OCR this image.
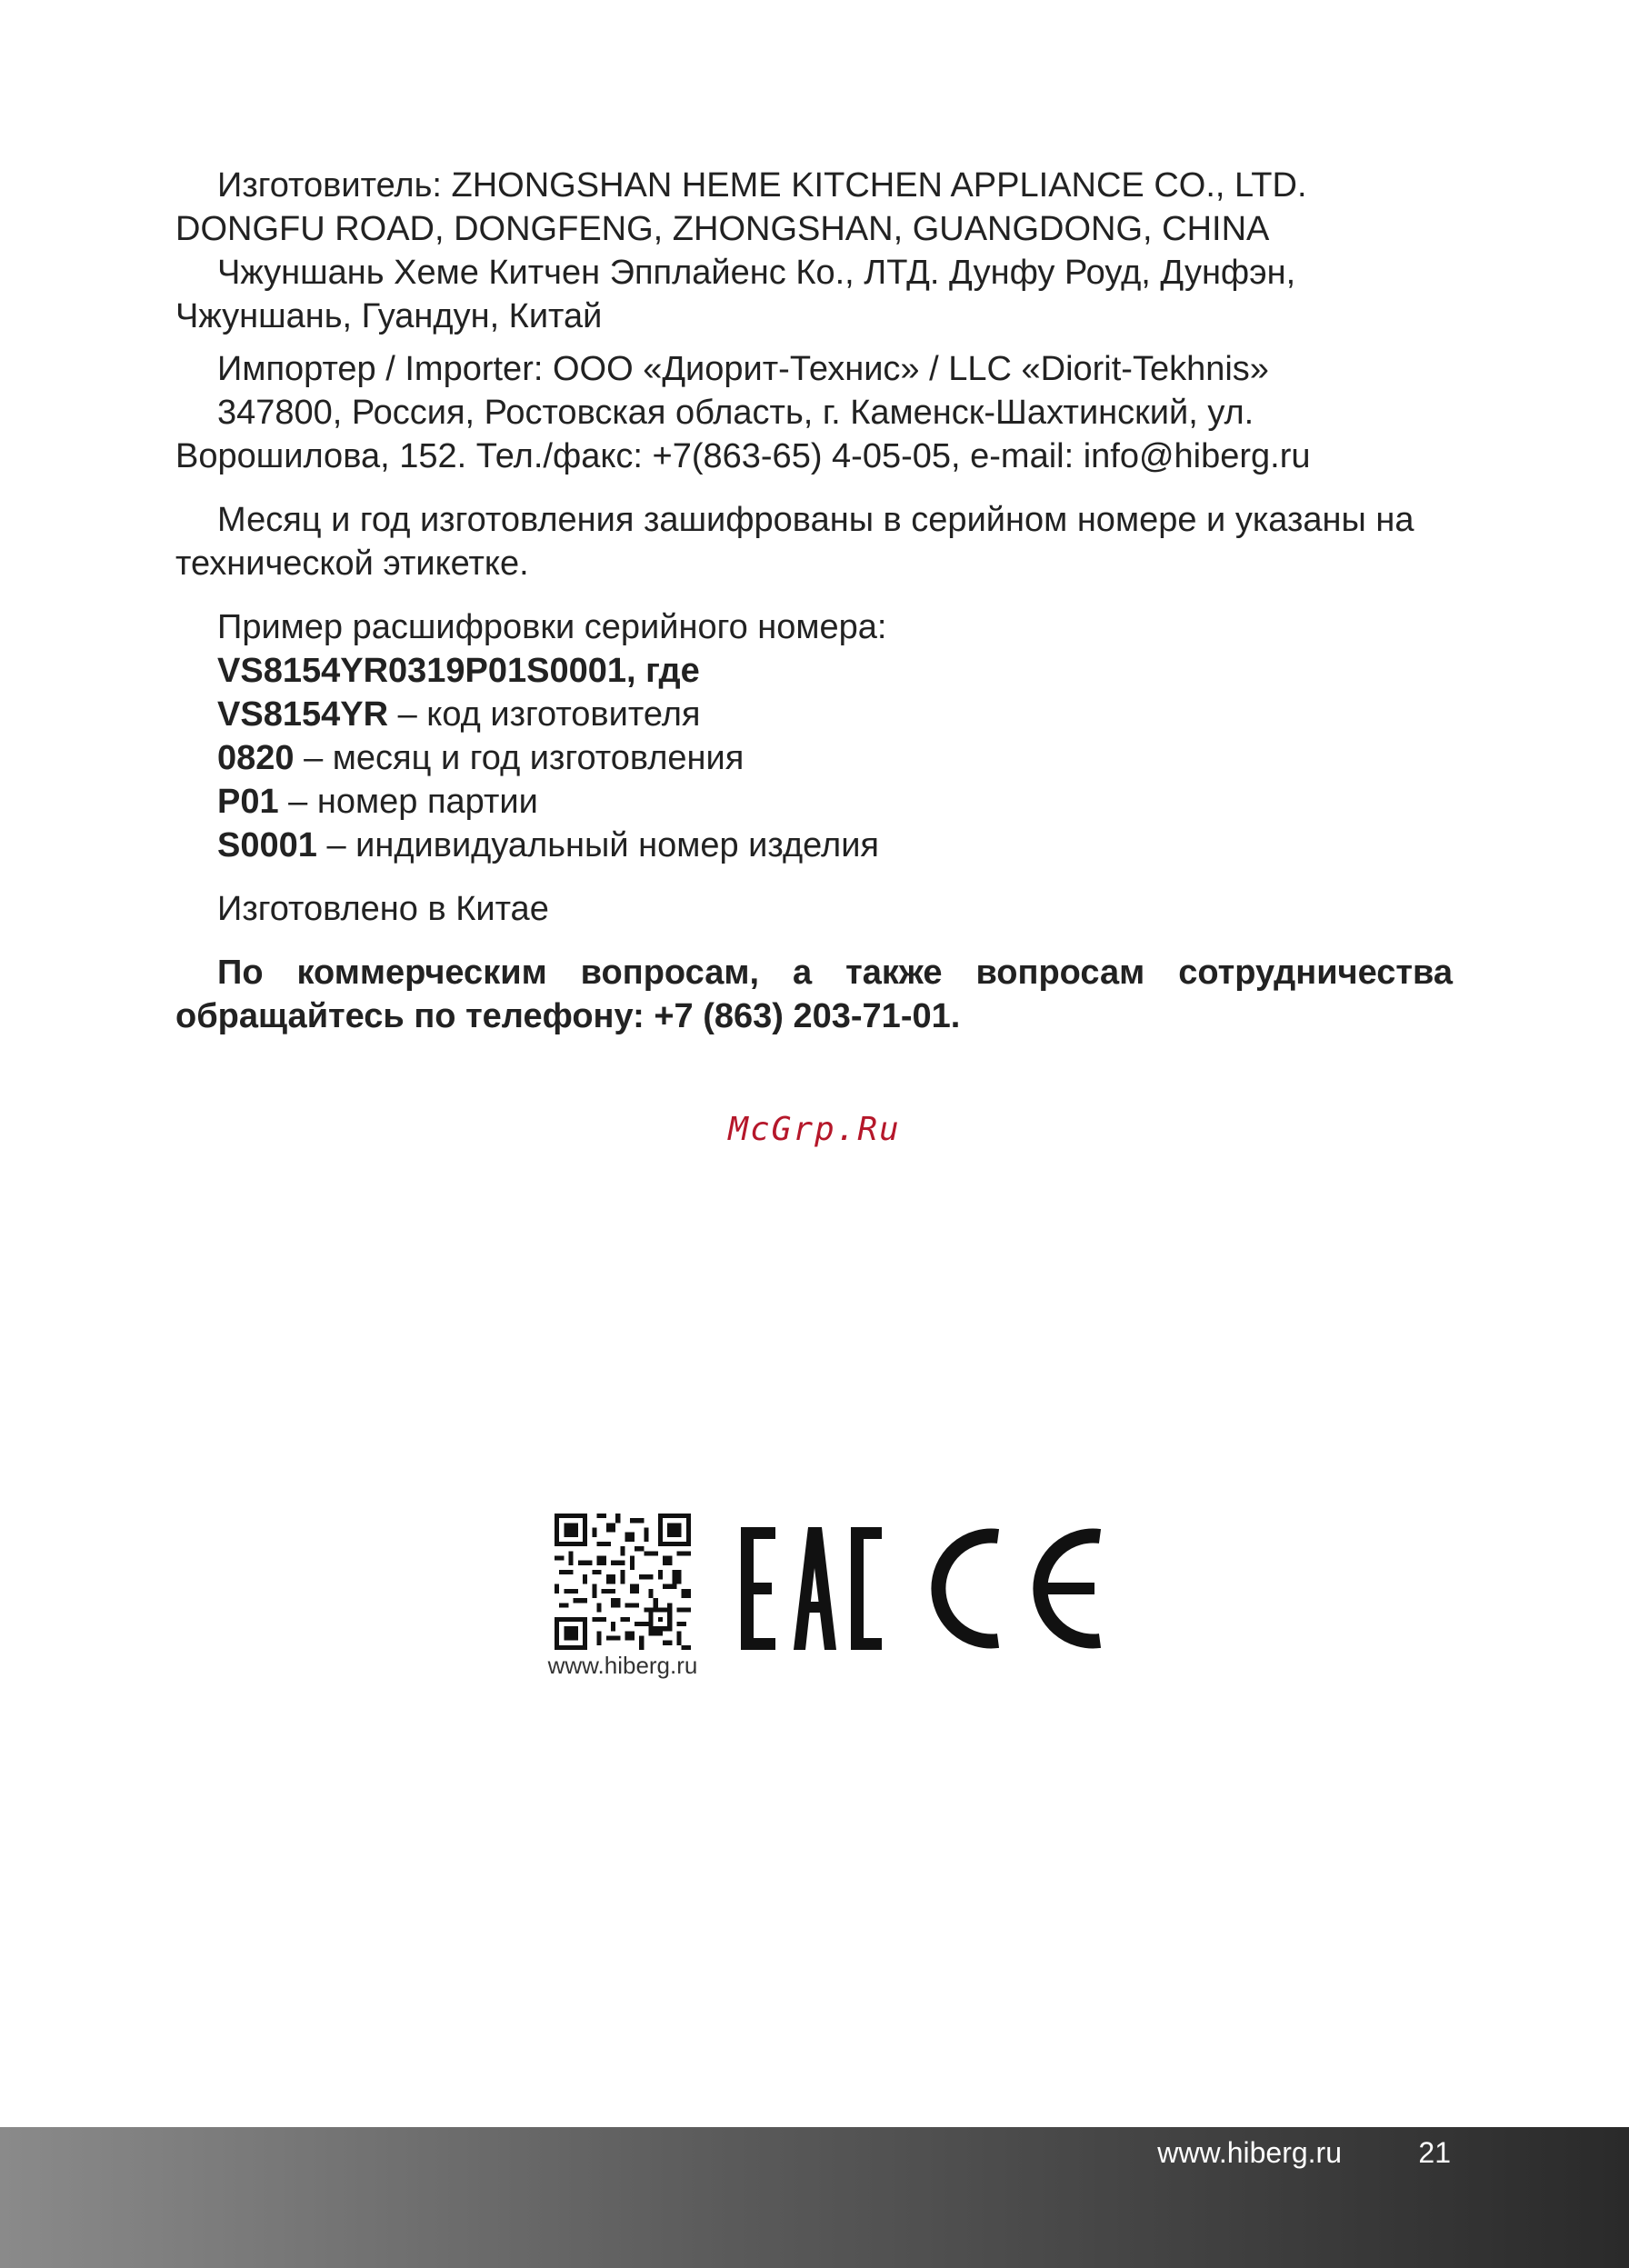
Изготовитель: ZHONGSHAN HEME KITCHEN APPLIANCE CO., LTD. DONGFU ROAD, DONGFENG, ZHONGSHAN, GUANGDONG, CHINA

Чжуншань Хеме Китчен Эпплайенс Ко., ЛТД. Дунфу Роуд, Дунфэн, Чжуншань, Гуандун, Китай

Импортер / Importer: ООО «Диорит-Технис» / LLC «Diorit-Tekhnis»

347800, Россия, Ростовская область, г. Каменск-Шахтинский, ул. Ворошилова, 152. Тел./факс: +7(863-65) 4-05-05, e-mail: info@hiberg.ru

Месяц и год изготовления зашифрованы в серийном номере и указаны на технической этикетке.

Пример расшифровки серийного номера:

VS8154YR0319P01S0001, где

VS8154YR – код изготовителя

0820 – месяц и год изготовления

P01 – номер партии

S0001 – индивидуальный номер изделия

Изготовлено в Китае

По коммерческим вопросам, а также вопросам сотрудничества обращайтесь по телефону: +7 (863) 203-71-01.

McGrp.Ru
www.hiberg.ru
www.hiberg.ru	21
